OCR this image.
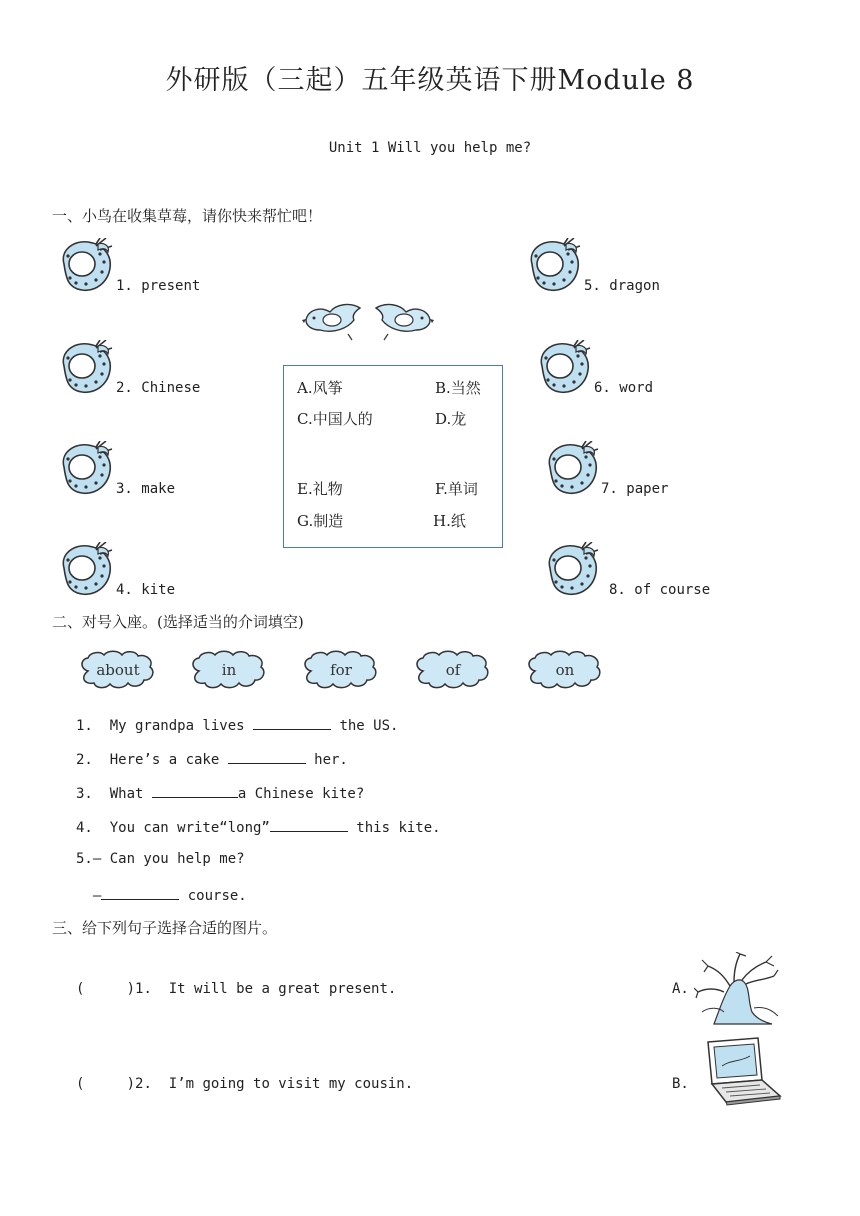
外研版（三起）五年级英语下册Module 8
Unit 1 Will you help me?
一、小鸟在收集草莓，请你快来帮忙吧！
1. present
2. Chinese
3. make
4. kite
5. dragon
6. word
7. paper
8. of course
A.风筝	B.当然
C.中国人的	D.龙
E.礼物	F.单词
G.制造	H.纸
二、对号入座。(选择适当的介词填空)
about	in	for	of	on
1.  My grandpa lives	the US.
2.  Here’s a cake	her.
3.  What	a Chinese kite?
4.  You can write“long”	this kite.
5.— Can you help me?
—	course.
三、给下列句子选择合适的图片。
(     )1.  It will be a great present.	A.
(     )2.  I’m going to visit my cousin.	B.
